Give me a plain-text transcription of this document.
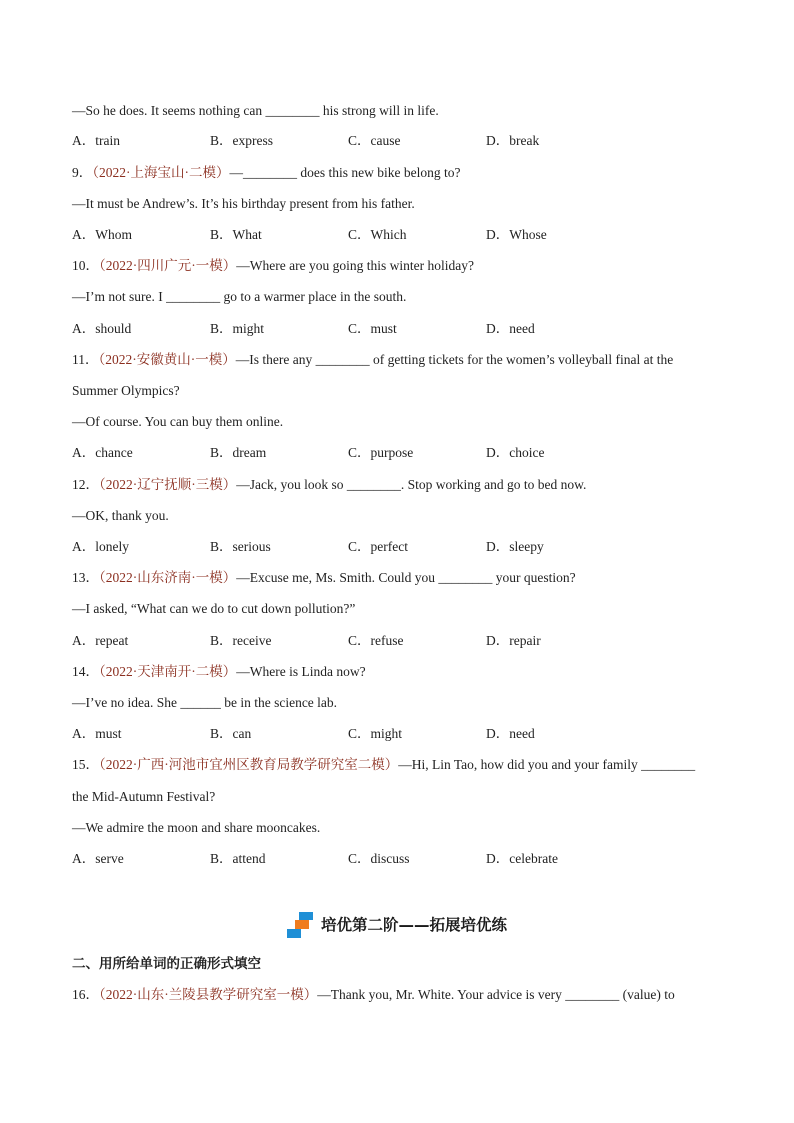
—So he does. It seems nothing can ________ his strong will in life.
A．train	B．express	C．cause	D．break
9．（2022·上海宝山·二模）—________ does this new bike belong to?
—It must be Andrew’s. It’s his birthday present from his father.
A．Whom	B．What	C．Which	D．Whose
10．（2022·四川广元·一模）—Where are you going this winter holiday?
—I’m not sure. I ________ go to a warmer place in the south.
A．should	B．might	C．must	D．need
11．（2022·安徽黄山·一模）—Is there any ________ of getting tickets for the women’s volleyball final at the
Summer Olympics?
—Of course. You can buy them online.
A．chance	B．dream	C．purpose	D．choice
12．（2022·辽宁抚顺·三模）—Jack, you look so ________. Stop working and go to bed now.
—OK, thank you.
A．lonely	B．serious	C．perfect	D．sleepy
13．（2022·山东济南·一模）—Excuse me, Ms. Smith. Could you ________ your question?
—I asked, “What can we do to cut down pollution?”
A．repeat	B．receive	C．refuse	D．repair
14．（2022·天津南开·二模）—Where is Linda now?
—I’ve no idea. She ______ be in the science lab.
A．must	B．can	C．might	D．need
15．（2022·广西·河池市宜州区教育局教学研究室二模）—Hi, Lin Tao, how did you and your family ________
the Mid-Autumn Festival?
—We admire the moon and share mooncakes.
A．serve	B．attend	C．discuss	D．celebrate
培优第二阶——拓展培优练
二、用所给单词的正确形式填空
16．（2022·山东·兰陵县教学研究室一模）—Thank you, Mr. White. Your advice is very ________ (value) to
